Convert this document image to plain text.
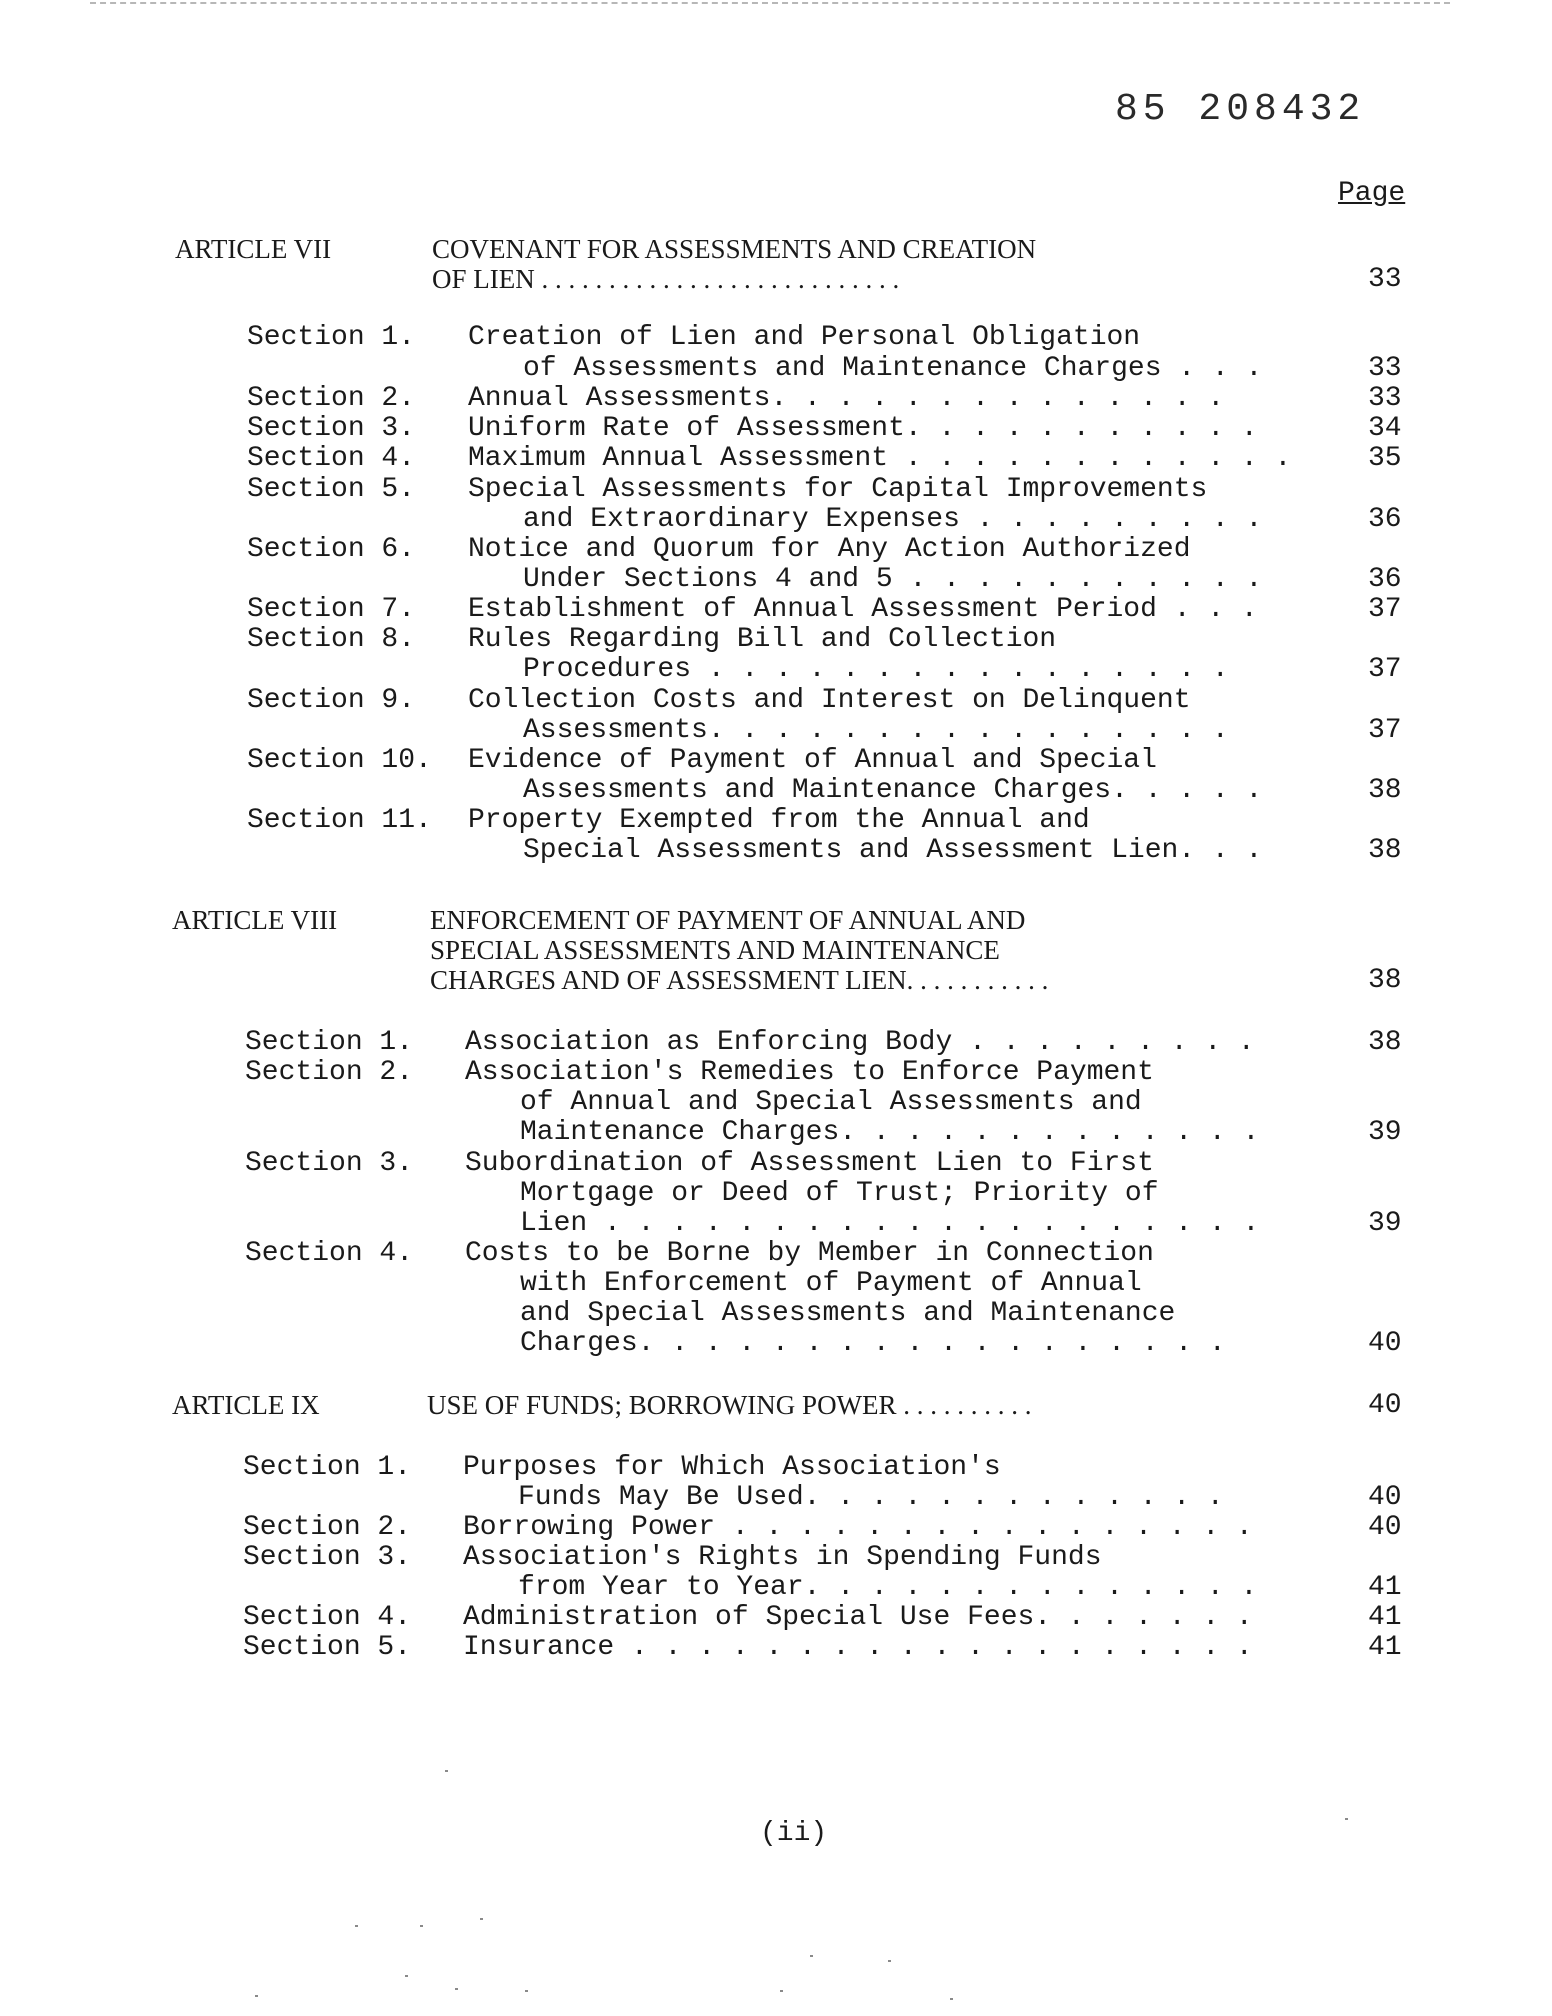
85 208432
Page
ARTICLE VII	COVENANT FOR ASSESSMENTS AND CREATION
OF LIEN . . . . . . . . . . . . . . . . . . . . . . . . . . .	33
Section 1. Creation of Lien and Personal Obligation
of Assessments and Maintenance Charges . . .	33
Section 2. Annual Assessments. . . . . . . . . . . . . .	33
Section 3. Uniform Rate of Assessment. . . . . . . . . . .	34
Section 4. Maximum Annual Assessment . . . . . . . . . . . .	35
Section 5. Special Assessments for Capital Improvements
and Extraordinary Expenses . . . . . . . . .	36
Section 6. Notice and Quorum for Any Action Authorized
Under Sections 4 and 5 . . . . . . . . . . .	36
Section 7. Establishment of Annual Assessment Period . . .	37
Section 8. Rules Regarding Bill and Collection
Procedures . . . . . . . . . . . . . . . .	37
Section 9. Collection Costs and Interest on Delinquent
Assessments. . . . . . . . . . . . . . . .	37
Section 10. Evidence of Payment of Annual and Special
Assessments and Maintenance Charges. . . . .	38
Section 11. Property Exempted from the Annual and
Special Assessments and Assessment Lien. . .	38
ARTICLE VIII	ENFORCEMENT OF PAYMENT OF ANNUAL AND
SPECIAL ASSESSMENTS AND MAINTENANCE
CHARGES AND OF ASSESSMENT LIEN. . . . . . . . . . .	38
Section 1. Association as Enforcing Body . . . . . . . . .	38
Section 2. Association's Remedies to Enforce Payment
of Annual and Special Assessments and
Maintenance Charges. . . . . . . . . . . . .	39
Section 3. Subordination of Assessment Lien to First
Mortgage or Deed of Trust; Priority of
Lien . . . . . . . . . . . . . . . . . . . .	39
Section 4. Costs to be Borne by Member in Connection
with Enforcement of Payment of Annual
and Special Assessments and Maintenance
Charges. . . . . . . . . . . . . . . . . .	40
ARTICLE IX	USE OF FUNDS; BORROWING POWER . . . . . . . . . .	40
Section 1. Purposes for Which Association's
Funds May Be Used. . . . . . . . . . . . .	40
Section 2. Borrowing Power . . . . . . . . . . . . . . . .	40
Section 3. Association's Rights in Spending Funds
from Year to Year. . . . . . . . . . . . . .	41
Section 4. Administration of Special Use Fees. . . . . . .	41
Section 5. Insurance . . . . . . . . . . . . . . . . . . .	41
(ii)
